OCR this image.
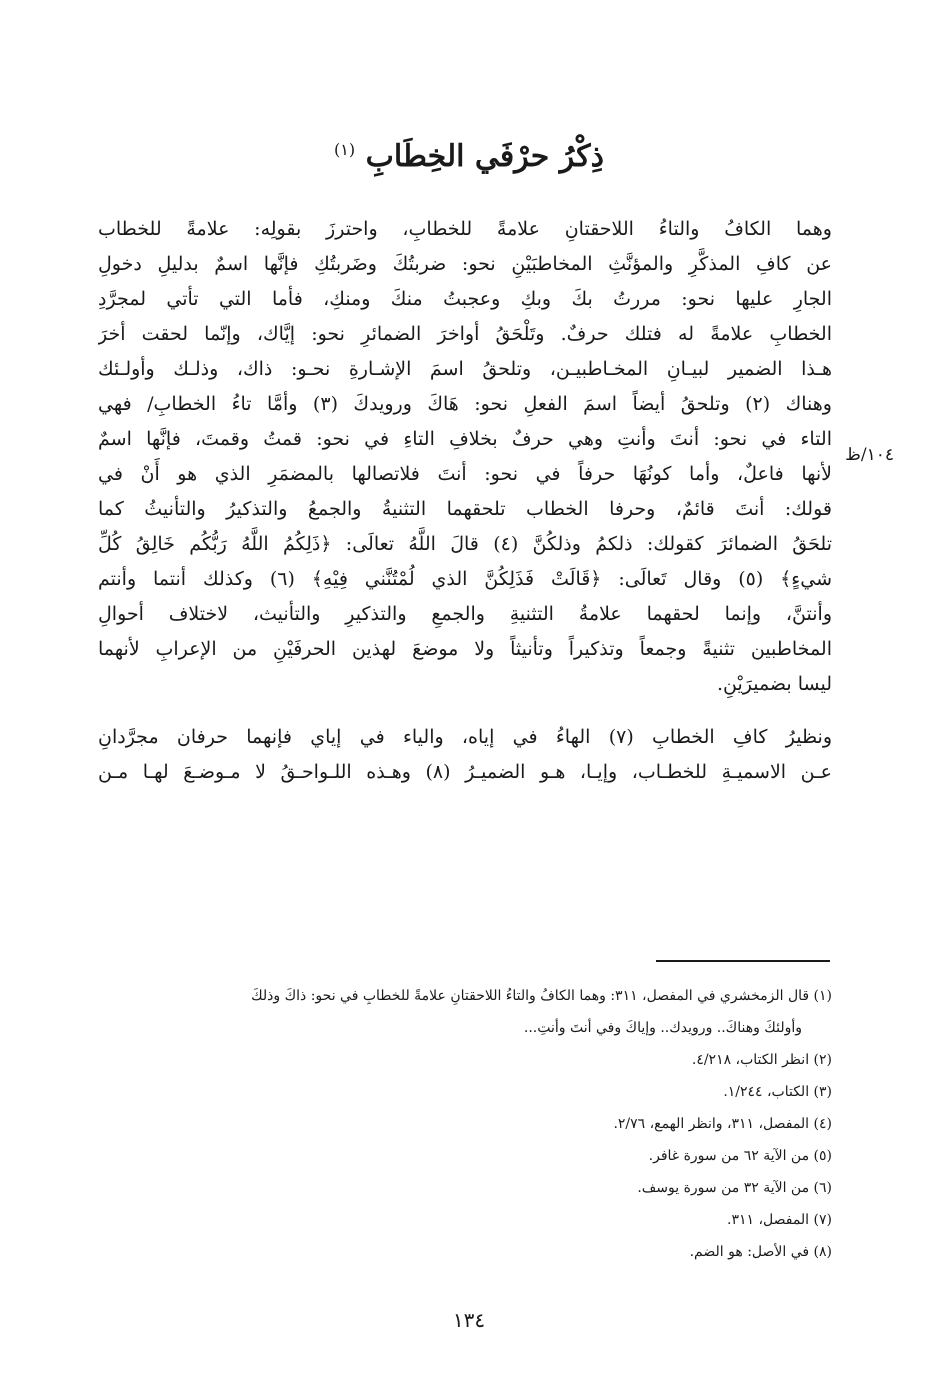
ذِكْرُ حرْفَي الخِطَابِ $^{(١)}$
١٠٤/ظ
وهما الكافُ والتاءُ اللاحقتانِ علامةً للخطابِ، واحترزَ بقولِه: علامةً للخطاب
عن كافِ المذكَّرِ والمؤنَّثِ المخاطبَيْنِ نحو: ضربتُكَ وضَربتُكِ فإنَّها اسمٌ بدليلِ دخولِ
الجارِ عليها نحو: مررتُ بكَ وبكِ وعجبتُ منكَ ومنكِ، فأما التي تأتي لمجرَّدِ
الخطابِ علامةً له فتلك حرفٌ. وتَلْحَقُ أواخرَ الضمائرِ نحو: إيَّاك، وإنّما لحقت أخرَ
هـذا الضمير لبيـانِ المخـاطبيـن، وتلحقُ اسمَ الإشـارةِ نحـو: ذاك، وذلـك وأولـئك
وهناك (٢) وتلحقُ أيضاً اسمَ الفعلِ نحو: هَاكَ ورويدكَ (٣) وأمَّا تاءُ الخطابِ/ فهي
التاء في نحو: أنتَ وأنتِ وهي حرفٌ بخلافِ التاءِ في نحو: قمتُ وقمتَ، فإنَّها اسمٌ
لأنها فاعلٌ، وأما كونُهَا حرفاً في نحو: أنتَ فلاتصالها بالمضمَرِ الذي هو أَنْ في
قولك: أنتَ قائمٌ، وحرفا الخطاب تلحقهما التثنيةُ والجمعُ والتذكيرُ والتأنيثُ كما
تلحَقُ الضمائرَ كقولك: ذلكمُ وذلكُنَّ (٤) قالَ اللَّهُ تعالَى: ﴿ذَلِكُمُ اللَّهُ رَبُّكُم خَالِقُ كُلِّ
شيءٍ﴾ (٥) وقال تَعالَى: ﴿قَالَتْ فَذَلِكُنَّ الذي لُمْتُنَّني فِيْهِ﴾ (٦) وكذلك أنتما وأنتم
وأنتنَّ، وإنما لحقهما علامةُ التثنيةِ والجمعِ والتذكيرِ والتأنيث، لاختلاف أحوالِ
المخاطبين تثنيةً وجمعاً وتذكيراً وتأنيثاً ولا موضعَ لهذين الحرفَيْنِ من الإعرابِ لأنهما
ليسا بضميرَيْنِ.
ونظيرُ كافِ الخطابِ (٧) الهاءُ في إياه، والياء في إياي فإنهما حرفان مجرَّدانِ
عـن الاسميـةِ للخطـاب، وإيـا، هـو الضميـرُ (٨) وهـذه اللـواحـقُ لا مـوضـعَ لهـا مـن
(١) قال الزمخشري في المفصل، ٣١١: وهما الكافُ والتاءُ اللاحقتانِ علامةً للخطابِ في نحو: ذاكَ وذلكَ
وأولئكَ وهناكَ.. ورويدك.. وإياكَ وفي أنتَ وأنتِ...
(٢) انظر الكتاب، ٤/٢١٨.
(٣) الكتاب، ١/٢٤٤.
(٤) المفصل، ٣١١، وانظر الهمع، ٢/٧٦.
(٥) من الآية ٦٢ من سورة غافر.
(٦) من الآية ٣٢ من سورة يوسف.
(٧) المفصل، ٣١١.
(٨) في الأصل: هو الضم.
١٣٤
